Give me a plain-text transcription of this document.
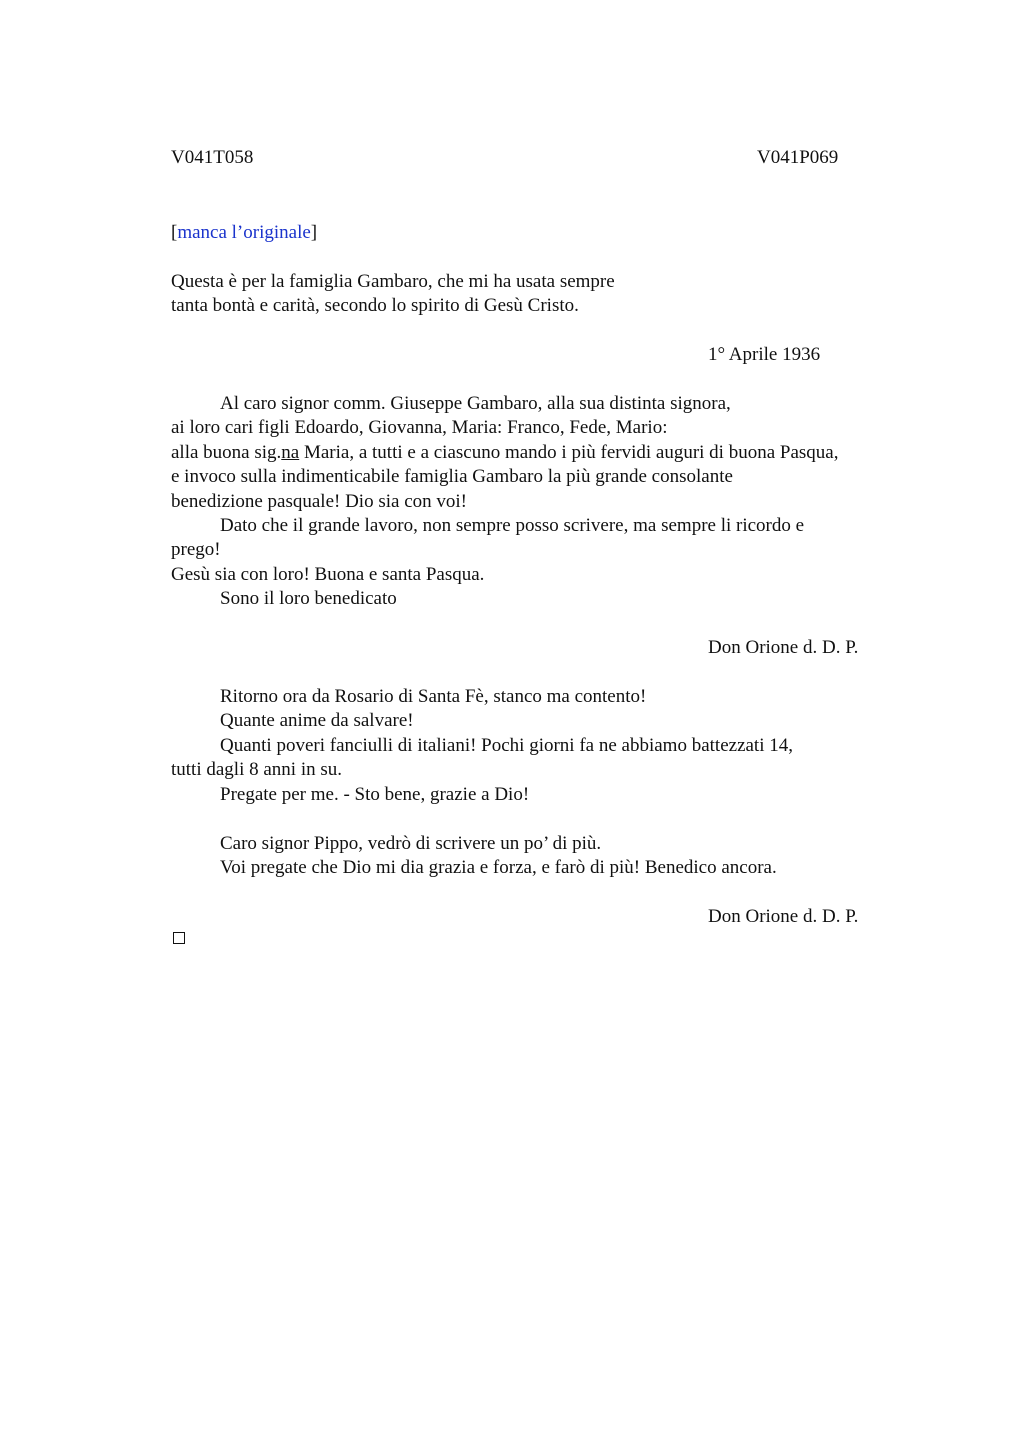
V041T058	V041P069
[manca l’originale]
Questa è per la famiglia Gambaro, che mi ha usata sempre
tanta bontà e carità, secondo lo spirito di Gesù Cristo.
1° Aprile 1936
Al caro signor comm. Giuseppe Gambaro, alla sua distinta signora,
ai loro cari figli Edoardo, Giovanna, Maria: Franco, Fede, Mario:
alla buona sig.na Maria, a tutti e a ciascuno mando i più fervidi auguri di buona Pasqua,
e invoco sulla indimenticabile famiglia Gambaro la più grande consolante
benedizione pasquale! Dio sia con voi!
Dato che il grande lavoro, non sempre posso scrivere, ma sempre li ricordo e
prego!
Gesù sia con loro! Buona e santa Pasqua.
Sono il loro benedicato
Don Orione d. D. P.
Ritorno ora da Rosario di Santa Fè, stanco ma contento!
Quante anime da salvare!
Quanti poveri fanciulli di italiani! Pochi giorni fa ne abbiamo battezzati 14,
tutti dagli 8 anni in su.
Pregate per me. - Sto bene, grazie a Dio!
Caro signor Pippo, vedrò di scrivere un po’ di più.
Voi pregate che Dio mi dia grazia e forza, e farò di più! Benedico ancora.
Don Orione d. D. P.
